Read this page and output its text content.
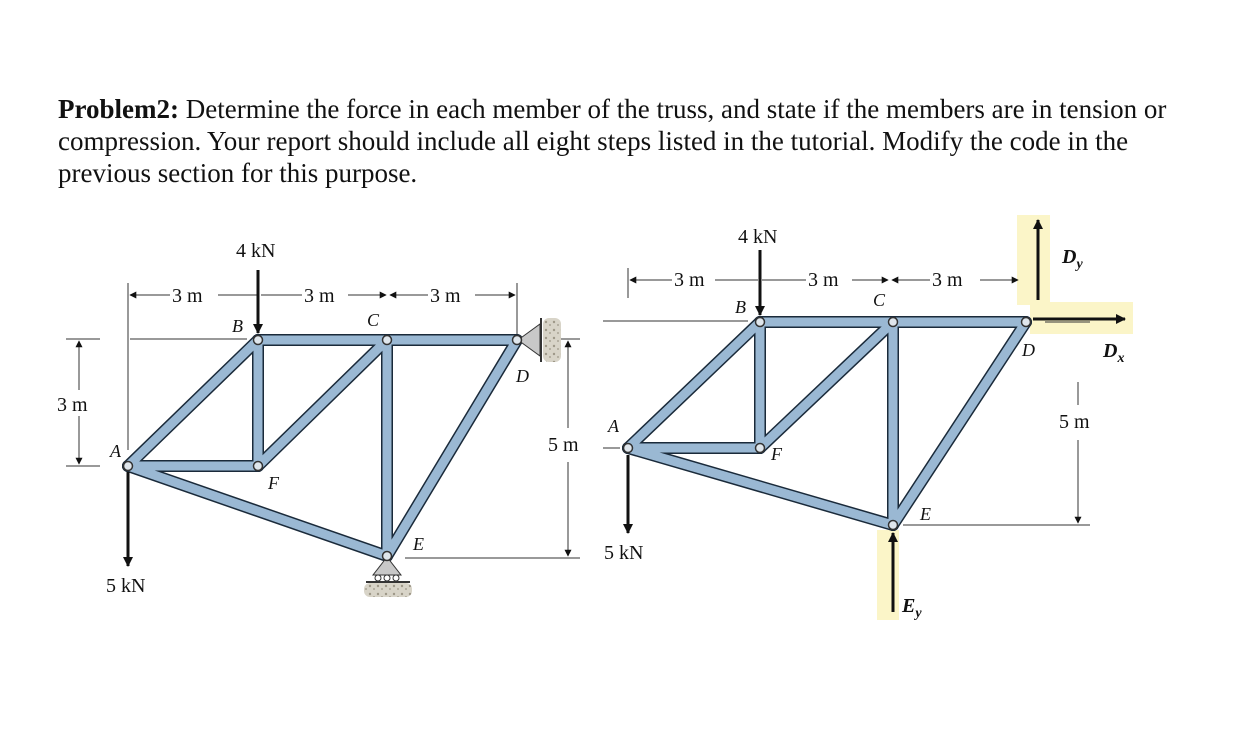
Problem2: Determine the force in each member of the truss, and state if the members are in tension or compression. Your report should include all eight steps listed in the tutorial. Modify the code in the previous section for this purpose.
4 kN
5 kN
3 m	3 m	3 m
3 m
5 m
A
B	C
D
F
E
4 kN
5 kN
3 m	3 m	3 m
5 m
$D_y$
$D_x$
$E_y$
A
B	C
D
F
E
